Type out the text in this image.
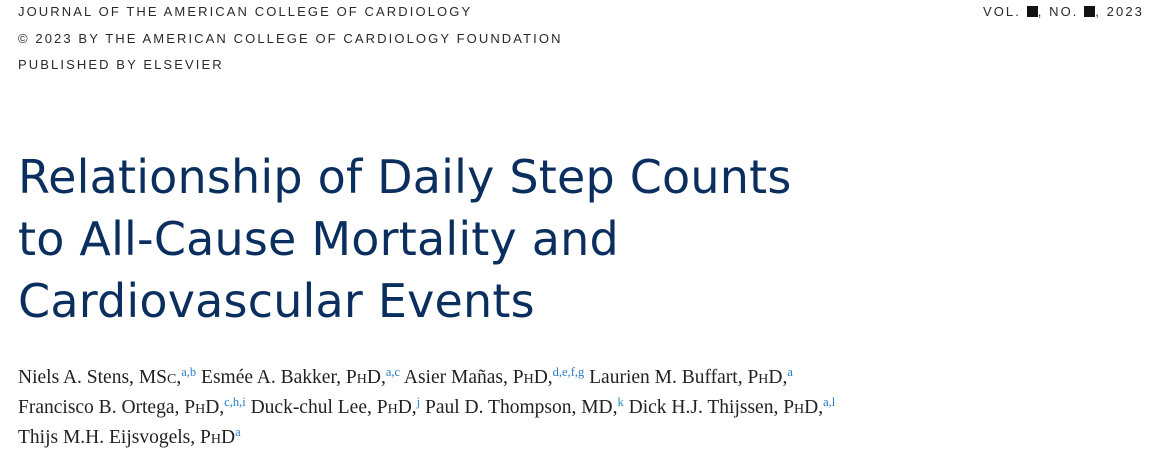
JOURNAL OF THE AMERICAN COLLEGE OF CARDIOLOGY
© 2023 BY THE AMERICAN COLLEGE OF CARDIOLOGY FOUNDATION
PUBLISHED BY ELSEVIER
VOL. , NO. , 2023
Relationship of Daily Step Counts
to All-Cause Mortality and
Cardiovascular Events
Niels A. Stens, MSc,$^{a,b}$ Esmée A. Bakker, PhD,$^{a,c}$ Asier Mañas, PhD,$^{d,e,f,g}$ Laurien M. Buffart, PhD,$^a$
Francisco B. Ortega, PhD,$^{c,h,i}$ Duck-chul Lee, PhD,$^j$ Paul D. Thompson, MD,$^k$ Dick H.J. Thijssen, PhD,$^{a,l}$
Thijs M.H. Eijsvogels, PhD$^a$
